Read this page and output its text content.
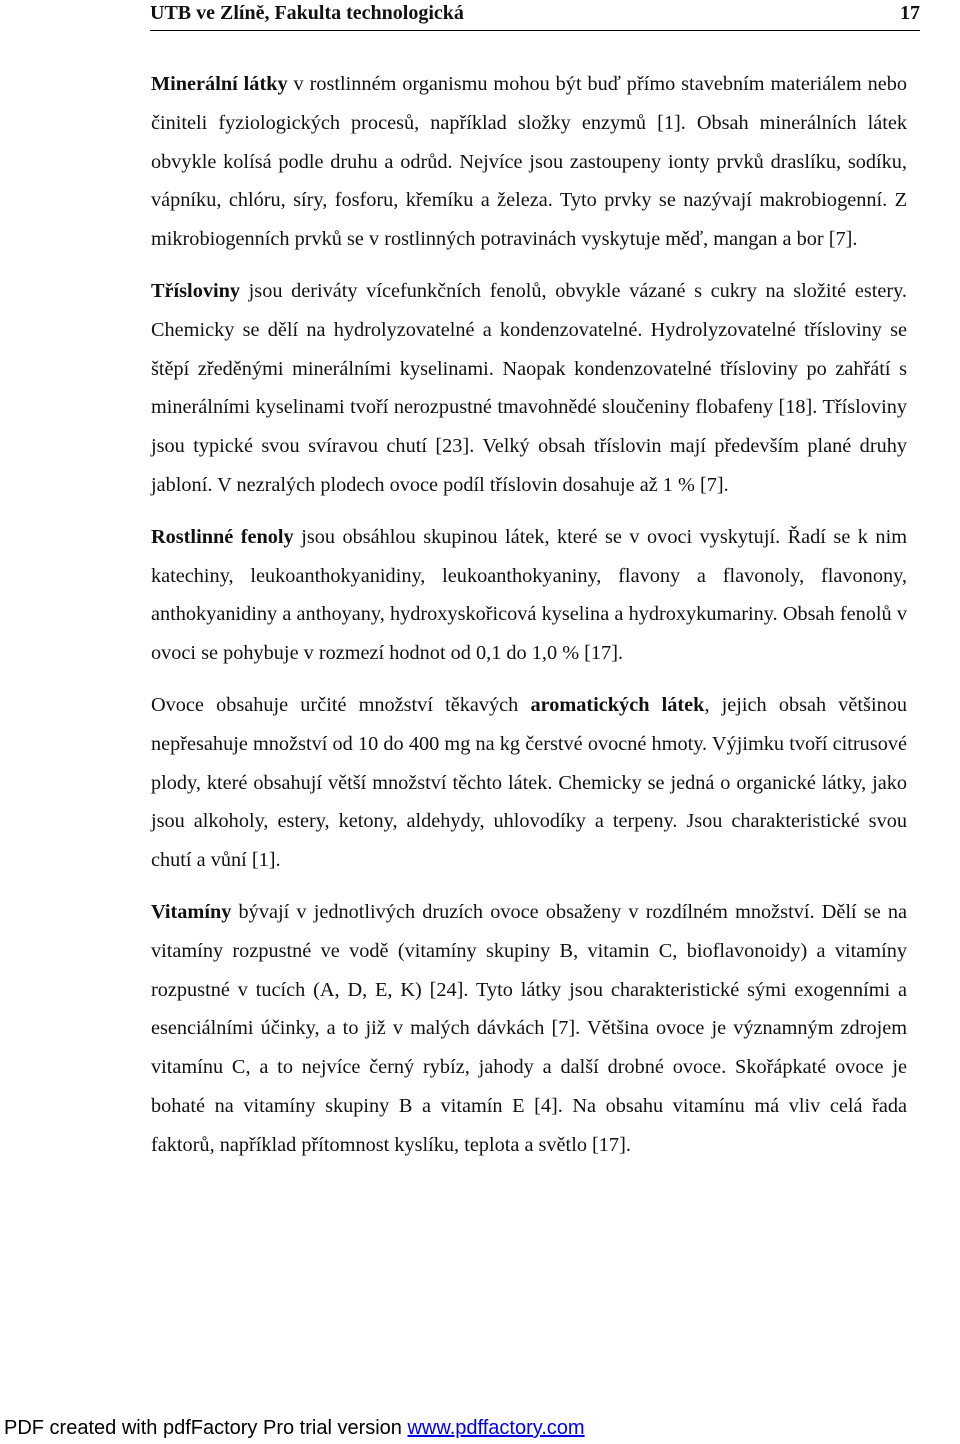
UTB ve Zlíně, Fakulta technologická	17

Minerální látky v rostlinném organismu mohou být buď přímo stavebním materiálem nebo činiteli fyziologických procesů, například složky enzymů [1]. Obsah minerálních látek obvykle kolísá podle druhu a odrůd. Nejvíce jsou zastoupeny ionty prvků draslíku, sodíku, vápníku, chlóru, síry, fosforu, křemíku a železa. Tyto prvky se nazývají makrobiogenní. Z mikrobiogenních prvků se v rostlinných potravinách vyskytuje měď, mangan a bor [7].

Třísloviny jsou deriváty vícefunkčních fenolů, obvykle vázané s cukry na složité estery. Chemicky se dělí na hydrolyzovatelné a kondenzovatelné. Hydrolyzovatelné třísloviny se štěpí zředěnými minerálními kyselinami. Naopak kondenzovatelné třísloviny po zahřátí s minerálními kyselinami tvoří nerozpustné tmavohnědé sloučeniny flobafeny [18]. Třísloviny jsou typické svou svíravou chutí [23]. Velký obsah tříslovin mají především plané druhy jabloní. V nezralých plodech ovoce podíl tříslovin dosahuje až 1 % [7].

Rostlinné fenoly jsou obsáhlou skupinou látek, které se v ovoci vyskytují. Řadí se k nim katechiny, leukoanthokyanidiny, leukoanthokyaniny, flavony a flavonoly, flavonony, anthokyanidiny a anthoyany, hydroxyskořicová kyselina a hydroxykumariny. Obsah fenolů v ovoci se pohybuje v rozmezí hodnot od 0,1 do 1,0 % [17].

Ovoce obsahuje určité množství těkavých aromatických látek, jejich obsah většinou nepřesahuje množství od 10 do 400 mg na kg čerstvé ovocné hmoty. Výjimku tvoří citrusové plody, které obsahují větší množství těchto látek. Chemicky se jedná o organické látky, jako jsou alkoholy, estery, ketony, aldehydy, uhlovodíky a terpeny. Jsou charakteristické svou chutí a vůní [1].

Vitamíny bývají v jednotlivých druzích ovoce obsaženy v rozdílném množství. Dělí se na vitamíny rozpustné ve vodě (vitamíny skupiny B, vitamin C, bioflavonoidy) a vitamíny rozpustné v tucích (A, D, E, K) [24]. Tyto látky jsou charakteristické sými exogenními a esenciálními účinky, a to již v malých dávkách [7]. Většina ovoce je významným zdrojem vitamínu C, a to nejvíce černý rybíz, jahody a další drobné ovoce. Skořápkaté ovoce je bohaté na vitamíny skupiny B a vitamín E [4]. Na obsahu vitamínu má vliv celá řada faktorů, například přítomnost kyslíku, teplota a světlo [17].

PDF created with pdfFactory Pro trial version www.pdffactory.com
